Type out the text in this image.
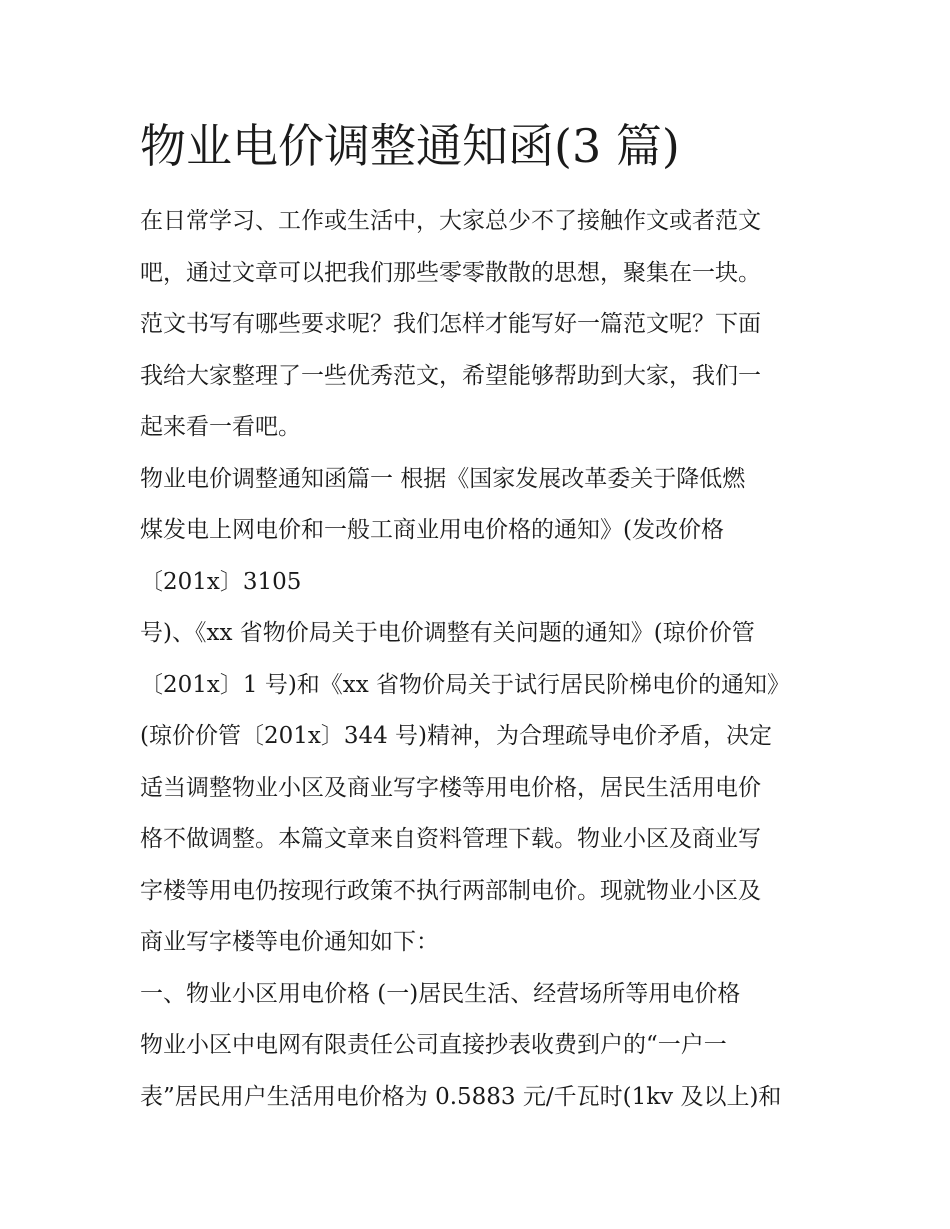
物业电价调整通知函(3 篇)
在日常学习、工作或生活中，大家总少不了接触作文或者范文
吧，通过文章可以把我们那些零零散散的思想，聚集在一块。
范文书写有哪些要求呢？我们怎样才能写好一篇范文呢？下面
我给大家整理了一些优秀范文，希望能够帮助到大家，我们一
起来看一看吧。
物业电价调整通知函篇一 根据《国家发展改革委关于降低燃
煤发电上网电价和一般工商业用电价格的通知》(发改价格
〔201x〕3105
号)、《xx 省物价局关于电价调整有关问题的通知》(琼价价管
〔201x〕1 号)和《xx 省物价局关于试行居民阶梯电价的通知》
(琼价价管〔201x〕344 号)精神，为合理疏导电价矛盾，决定
适当调整物业小区及商业写字楼等用电价格，居民生活用电价
格不做调整。本篇文章来自资料管理下载。物业小区及商业写
字楼等用电仍按现行政策不执行两部制电价。现就物业小区及
商业写字楼等电价通知如下：
一、物业小区用电价格 (一)居民生活、经营场所等用电价格
物业小区中电网有限责任公司直接抄表收费到户的“一户一
表”居民用户生活用电价格为 0.5883 元/千瓦时(1kv 及以上)和
